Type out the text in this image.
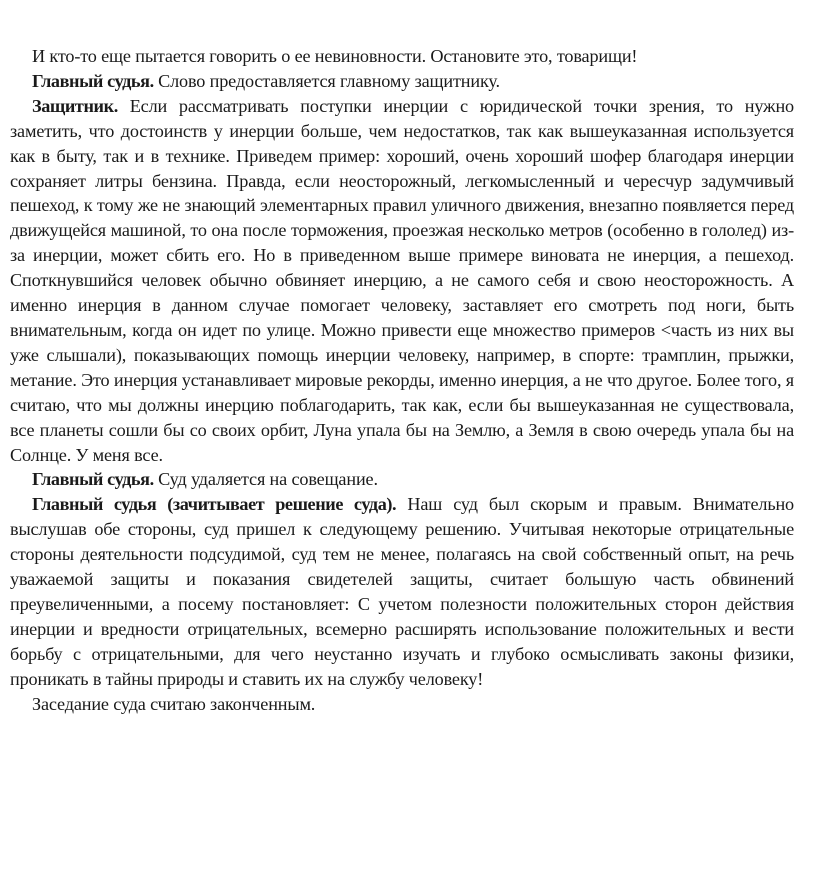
И кто-то еще пытается говорить о ее невиновности. Остановите это, товарищи!

Главный судья. Слово предоставляется главному защитнику.

Защитник. Если рассматривать поступки инерции с юридической точки зрения, то нужно заметить, что достоинств у инерции больше, чем недостатков, так как вышеуказанная используется как в быту, так и в технике. Приведем пример: хороший, очень хороший шофер благодаря инерции сохраняет литры бензина. Правда, если неосторожный, легкомысленный и чересчур задумчивый пешеход, к тому же не знающий элементарных правил уличного движения, внезапно появляется перед движущейся машиной, то она после торможения, проезжая несколько метров (особенно в гололед) из-за инерции, может сбить его. Но в приведенном выше примере виновата не инерция, а пешеход. Споткнувшийся человек обычно обвиняет инерцию, а не самого себя и свою неосторожность. А именно инерция в данном случае помогает человеку, заставляет его смотреть под ноги, быть внимательным, когда он идет по улице. Можно привести еще множество примеров <часть из них вы уже слышали), показывающих помощь инерции человеку, например, в спорте: трамплин, прыжки, метание. Это инерция устанавливает мировые рекорды, именно инерция, а не что другое. Более того, я считаю, что мы должны инерцию поблагодарить, так как, если бы вышеуказанная не существовала, все планеты сошли бы со своих орбит, Луна упала бы на Землю, а Земля в свою очередь упала бы на Солнце. У меня все.

Главный судья. Суд удаляется на совещание.

Главный судья (зачитывает решение суда). Наш суд был скорым и правым. Внимательно выслушав обе стороны, суд пришел к следующему решению. Учитывая некоторые отрицательные стороны деятельности подсудимой, суд тем не менее, полагаясь на свой собственный опыт, на речь уважаемой защиты и показания свидетелей защиты, считает большую часть обвинений преувеличенными, а посему постановляет: С учетом полезности положительных сторон действия инерции и вредности отрицательных, всемерно расширять использование положительных и вести борьбу с отрицательными, для чего неустанно изучать и глубоко осмысливать законы физики, проникать в тайны природы и ставить их на службу человеку!

Заседание суда считаю законченным.
